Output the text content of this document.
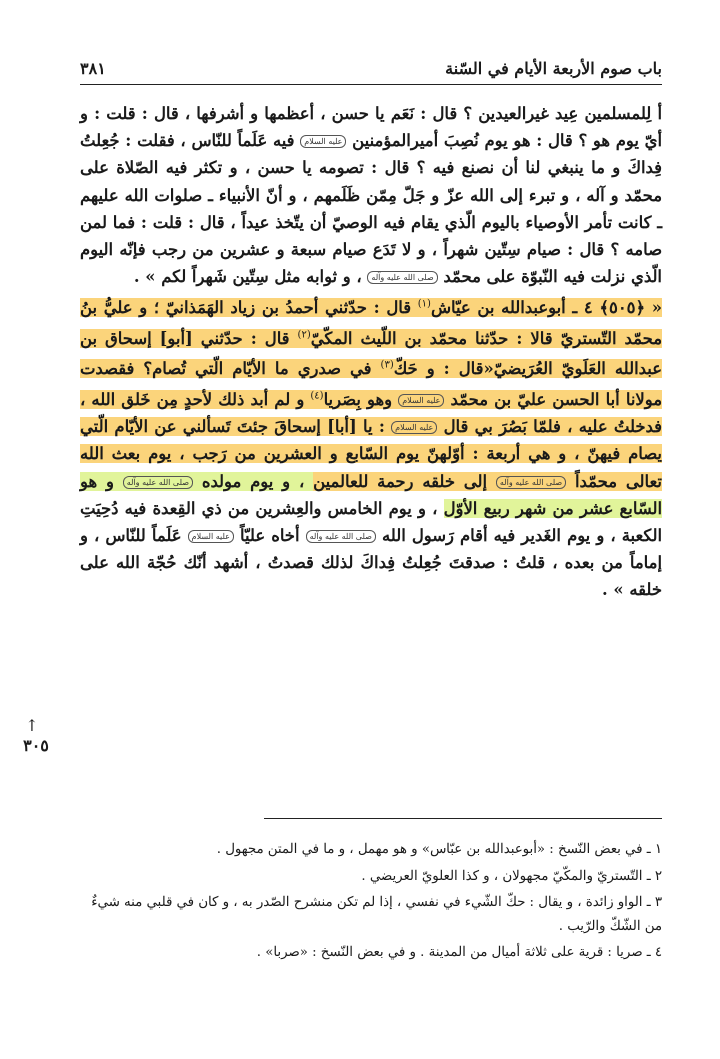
باب صوم الأربعة الأيام في السّنة
٣٨١

أ لِلمسلمين عِيد غيرالعيدين ؟ قال : نَعَم يا حسن ، أعظمها و أشرفها ، قال : قلت : و أيّ يوم هو ؟ قال : هو يوم نُصِبَ أميرالمؤمنين عليه السلام فيه عَلَماً للنّاس ، فقلت : جُعِلتُ فِداكَ و ما ينبغي لنا أن نصنع فيه ؟ قال : تصومه يا حسن ، و تكثر فيه الصّلاة على محمّد و آله ، و تبرء إلى الله عزّ و جَلّ مِمّن ظَلَمهم ، و أنّ الأنبياء ـ صلوات الله عليهم ـ كانت تأمر الأوصياء باليوم الّذي يقام فيه الوصيّ أن يتّخذ عيداً ، قال : قلت : فما لمن صامه ؟ قال : صيام سِتّين شهراً ، و لا تَدَع صيام سبعة و عشرين من رجب فإنّه اليوم الّذي نزلت فيه النّبوّة على محمّد صلى الله عليه وآله ، و ثوابه مثل سِتّين شَهراً لكم » .

« ﴿٥٠٥﴾ ٤ ـ أبوعبدالله بن عيّاش$^{(١)}$ قال : حدّثني أحمدُ بن زياد الهَمَذانيّ ؛ و عليُّ بنُ محمّد التّستريّ قالا : حدّثنا محمّد بن اللّيث المكّيّ$^{(٢)}$ قال : حدّثني [أبو] إسحاق بن عبدالله العَلَويّ العُرَيضيّ«قال : و حَكّ$^{(٣)}$ في صدري ما الأيّام الّتي تُصام؟ فقصدت مولانا أبا الحسن عليّ بن محمّد عليه السلام وهو بِصَريا$^{(٤)}$ و لم أبد ذلك لأحدٍ مِن خَلق الله ، فدخلتُ عليه ، فلمّا بَصُرَ بي قال عليه السلام : يا [أبا] إسحاقَ جئتَ تَسألني عن الأيّام الّتي يصام فيهنّ ، و هي أربعة : أوّلهنّ يوم السّابع و العشرين من رَجب ، يوم بعث الله تعالى محمّداً صلى الله عليه وآله إلى خلقه رحمة للعالمين ، و يوم مولده صلى الله عليه وآله و هو السّابع عشر من شهر ربيع الأوّل ، و يوم الخامس والعِشرين من ذي القِعدة فيه دُحِيَتِ الكعبة ، و يوم الغَدير فيه أقام رَسول الله صلى الله عليه وآله أخاه عليّاً عليه السلام عَلَماً للنّاس ، و إماماً من بعده ، قلتُ : صدقتَ جُعِلتُ فِداكَ لذلك قصدتُ ، أشهد أنّك حُجّة الله على خلقه » .

↑
٣٠٥

١ ـ في بعض النّسخ : «أبوعبدالله بن عبّاس» و هو مهمل ، و ما في المتن مجهول .

٢ ـ التّستريّ والمكّيّ مجهولان ، و كذا العلويّ العريضي .

٣ ـ الواو زائدة ، و يقال : حكّ الشّيء في نفسي ، إذا لم تكن منشرح الصّدر به ، و كان في قلبي منه شيءٌ من الشّكّ والرّيب .

٤ ـ صريا : قرية على ثلاثة أميال من المدينة . و في بعض النّسخ : «صربا» .
